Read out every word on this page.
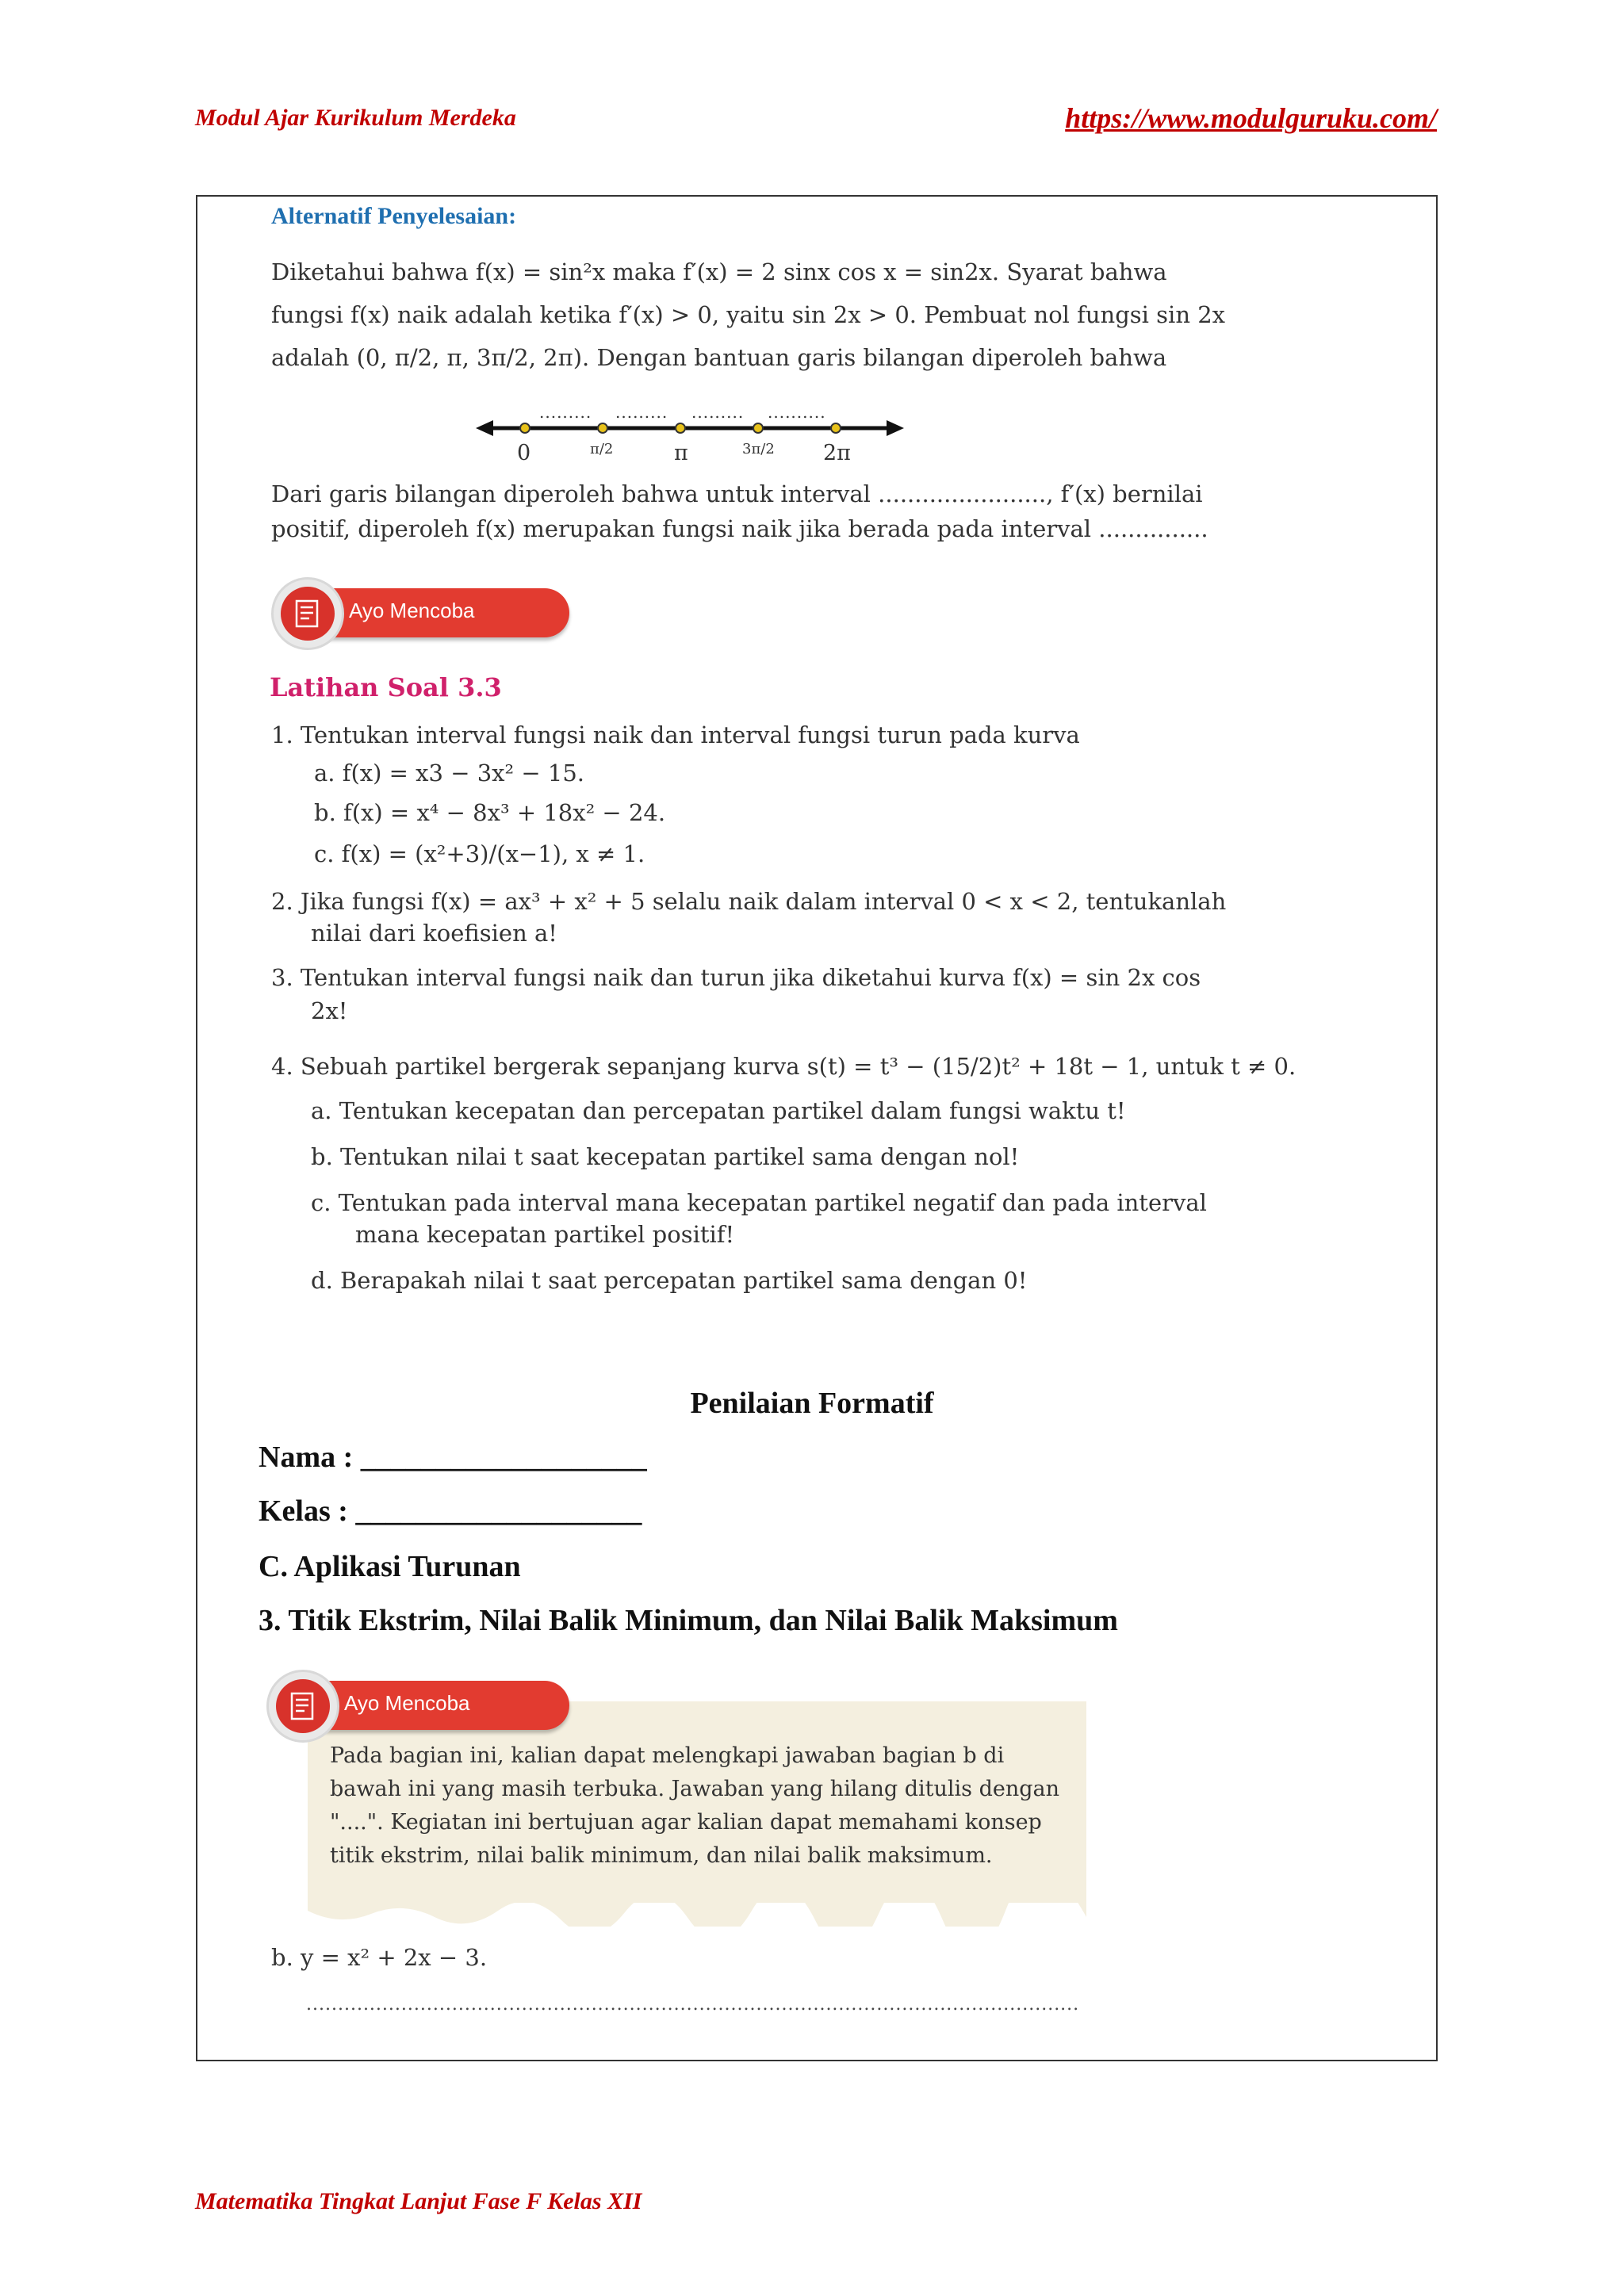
Modul Ajar Kurikulum Merdeka	https://www.modulguruku.com/
Alternatif Penyelesaian:
Diketahui bahwa f(x) = sin²x maka f′(x) = 2 sinx cos x = sin2x. Syarat bahwa
fungsi f(x) naik adalah ketika f′(x) > 0, yaitu sin 2x > 0. Pembuat nol fungsi sin 2x
adalah (0, π/2, π, 3π/2, 2π). Dengan bantuan garis bilangan diperoleh bahwa
......... ......... ......... ..........
0	π/2	π	3π/2 2π
Dari garis bilangan diperoleh bahwa untuk interval ......................., f′(x) bernilai
positif, diperoleh f(x) merupakan fungsi naik jika berada pada interval ...............
Ayo Mencoba
Latihan Soal 3.3
1. Tentukan interval fungsi naik dan interval fungsi turun pada kurva
a. f(x) = x3 − 3x² − 15.
b. f(x) = x⁴ − 8x³ + 18x² − 24.
c. f(x) = (x²+3)/(x−1), x ≠ 1.
2. Jika fungsi f(x) = ax³ + x² + 5 selalu naik dalam interval 0 < x < 2, tentukanlah
nilai dari koefisien a!
3. Tentukan interval fungsi naik dan turun jika diketahui kurva f(x) = sin 2x cos
2x!
4. Sebuah partikel bergerak sepanjang kurva s(t) = t³ − (15/2)t² + 18t − 1, untuk t ≠ 0.
a. Tentukan kecepatan dan percepatan partikel dalam fungsi waktu t!
b. Tentukan nilai t saat kecepatan partikel sama dengan nol!
c. Tentukan pada interval mana kecepatan partikel negatif dan pada interval
mana kecepatan partikel positif!
d. Berapakah nilai t saat percepatan partikel sama dengan 0!
Penilaian Formatif
Nama : ___________________
Kelas : ___________________
C. Aplikasi Turunan
3. Titik Ekstrim, Nilai Balik Minimum, dan Nilai Balik Maksimum
Pada bagian ini, kalian dapat melengkapi jawaban bagian b di bawah ini yang masih terbuka. Jawaban yang hilang ditulis dengan "....". Kegiatan ini bertujuan agar kalian dapat memahami konsep titik ekstrim, nilai balik minimum, dan nilai balik maksimum.
Ayo Mencoba
b. y = x² + 2x − 3.
..........................................................................................................................
Matematika Tingkat Lanjut Fase F Kelas XII
